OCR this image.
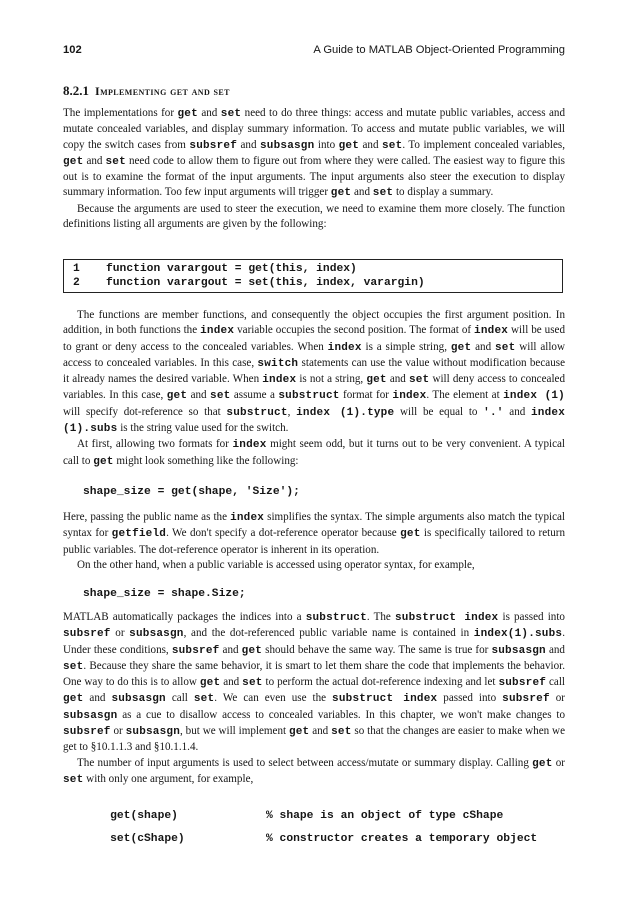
102	A Guide to MATLAB Object-Oriented Programming
8.2.1 Implementing get and set

The implementations for get and set need to do three things: access and mutate public variables, access and mutate concealed variables, and display summary information. To access and mutate public variables, we will copy the switch cases from subsref and subsasgn into get and set. To implement concealed variables, get and set need code to allow them to figure out from where they were called. The easiest way to figure this out is to examine the format of the input arguments. The input arguments also steer the execution to display summary information. Too few input arguments will trigger get and set to display a summary.

Because the arguments are used to steer the execution, we need to examine them more closely. The function definitions listing all arguments are given by the following:

1 function varargout = get(this, index)
2 function varargout = set(this, index, varargin)

The functions are member functions, and consequently the object occupies the first argument position. In addition, in both functions the index variable occupies the second position. The format of index will be used to grant or deny access to the concealed variables. When index is a simple string, get and set will allow access to concealed variables. In this case, switch statements can use the value without modification because it already names the desired variable. When index is not a string, get and set will deny access to concealed variables. In this case, get and set assume a substruct format for index. The element at index (1) will specify dot-reference so that substruct, index (1).type will be equal to '.' and index (1).subs is the string value used for the switch.

At first, allowing two formats for index might seem odd, but it turns out to be very convenient. A typical call to get might look something like the following:

shape_size = get(shape, 'Size');

Here, passing the public name as the index simplifies the syntax. The simple arguments also match the typical syntax for getfield. We don't specify a dot-reference operator because get is specifically tailored to return public variables. The dot-reference operator is inherent in its operation.

On the other hand, when a public variable is accessed using operator syntax, for example,

shape_size = shape.Size;

MATLAB automatically packages the indices into a substruct. The substruct index is passed into subsref or subsasgn, and the dot-referenced public variable name is contained in index(1).subs. Under these conditions, subsref and get should behave the same way. The same is true for subsasgn and set. Because they share the same behavior, it is smart to let them share the code that implements the behavior. One way to do this is to allow get and set to perform the actual dot-reference indexing and let subsref call get and subsasgn call set. We can even use the substruct index passed into subsref or subsasgn as a cue to disallow access to concealed variables. In this chapter, we won't make changes to subsref or subsasgn, but we will implement get and set so that the changes are easier to make when we get to §10.1.1.3 and §10.1.1.4.

The number of input arguments is used to select between access/mutate or summary display. Calling get or set with only one argument, for example,

get(shape)	% shape is an object of type cShape

set(cShape)	% constructor creates a temporary object
